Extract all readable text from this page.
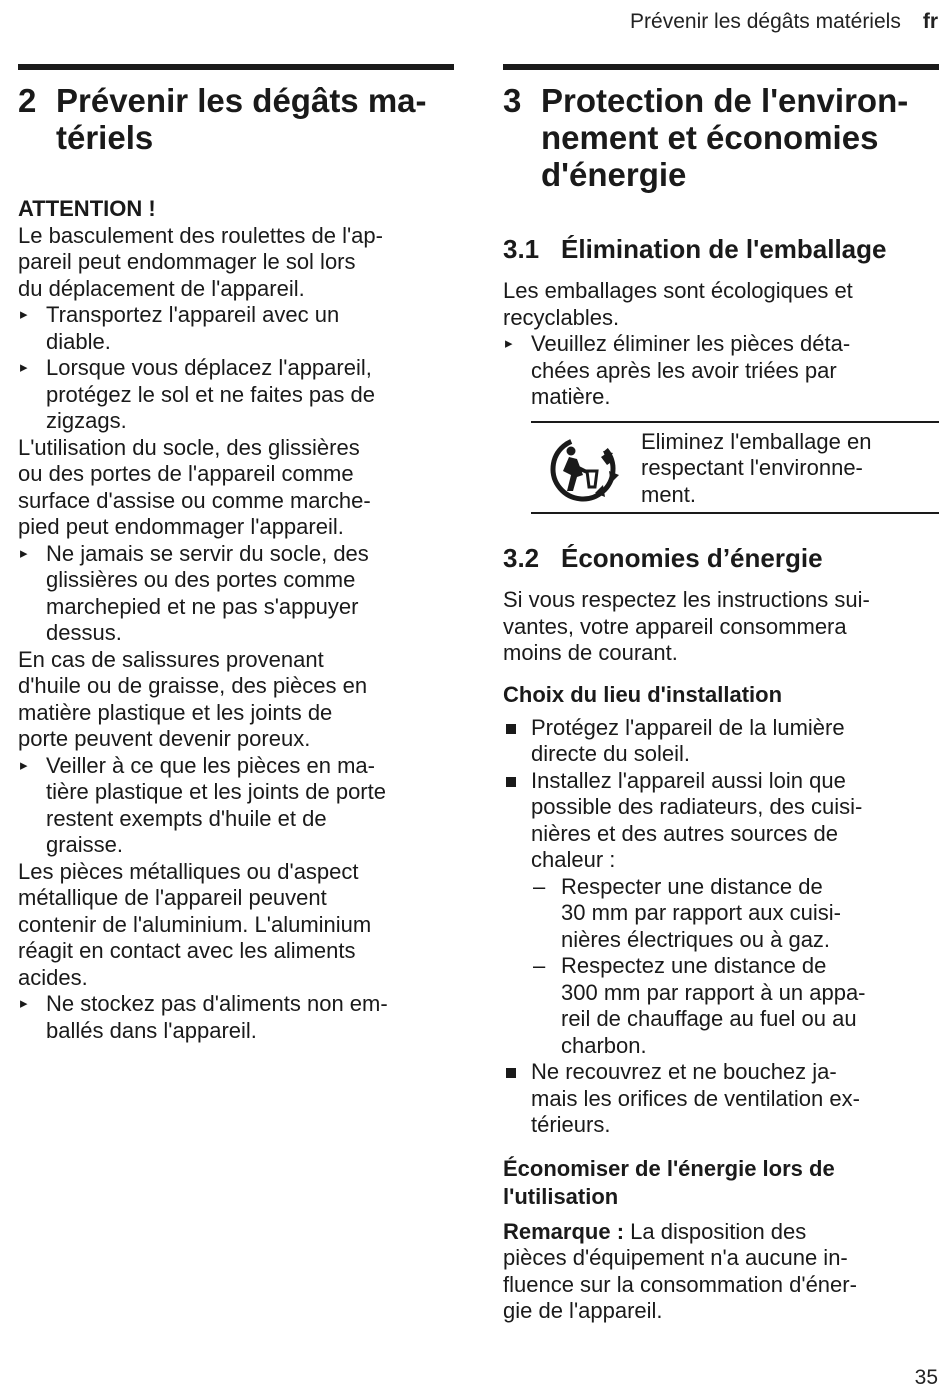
Prévenir les dégâts matériels fr
2 Prévenir les dégâts ma-
tériels

ATTENTION !

Le basculement des roulettes de l'ap-
pareil peut endommager le sol lors
du déplacement de l'appareil.

▸ Transportez l'appareil avec un
diable.
▸ Lorsque vous déplacez l'appareil,
protégez le sol et ne faites pas de
zigzags.

L'utilisation du socle, des glissières
ou des portes de l'appareil comme
surface d'assise ou comme marche-
pied peut endommager l'appareil.

▸ Ne jamais se servir du socle, des
glissières ou des portes comme
marchepied et ne pas s'appuyer
dessus.

En cas de salissures provenant
d'huile ou de graisse, des pièces en
matière plastique et les joints de
porte peuvent devenir poreux.

▸ Veiller à ce que les pièces en ma-
tière plastique et les joints de porte
restent exempts d'huile et de
graisse.

Les pièces métalliques ou d'aspect
métallique de l'appareil peuvent
contenir de l'aluminium. L'aluminium
réagit en contact avec les aliments
acides.

▸ Ne stockez pas d'aliments non em-
ballés dans l'appareil.
3 Protection de l'environ-
nement et économies
d'énergie
3.1 Élimination de l'emballage

Les emballages sont écologiques et
recyclables.

▸ Veuillez éliminer les pièces déta-
chées après les avoir triées par
matière.

Eliminez l'emballage en
respectant l'environne-
ment.

3.2 Économies d’énergie

Si vous respectez les instructions sui-
vantes, votre appareil consommera
moins de courant.

Choix du lieu d'installation
Protégez l'appareil de la lumière
directe du soleil.
Installez l'appareil aussi loin que
possible des radiateurs, des cuisi-
nières et des autres sources de
chaleur :
– Respecter une distance de
30 mm par rapport aux cuisi-
nières électriques ou à gaz.
– Respectez une distance de
300 mm par rapport à un appa-
reil de chauffage au fuel ou au
charbon.
Ne recouvrez et ne bouchez ja-
mais les orifices de ventilation ex-
térieurs.
Économiser de l'énergie lors de
l'utilisation

Remarque : La disposition des
pièces d'équipement n'a aucune in-
fluence sur la consommation d'éner-
gie de l'appareil.

35
